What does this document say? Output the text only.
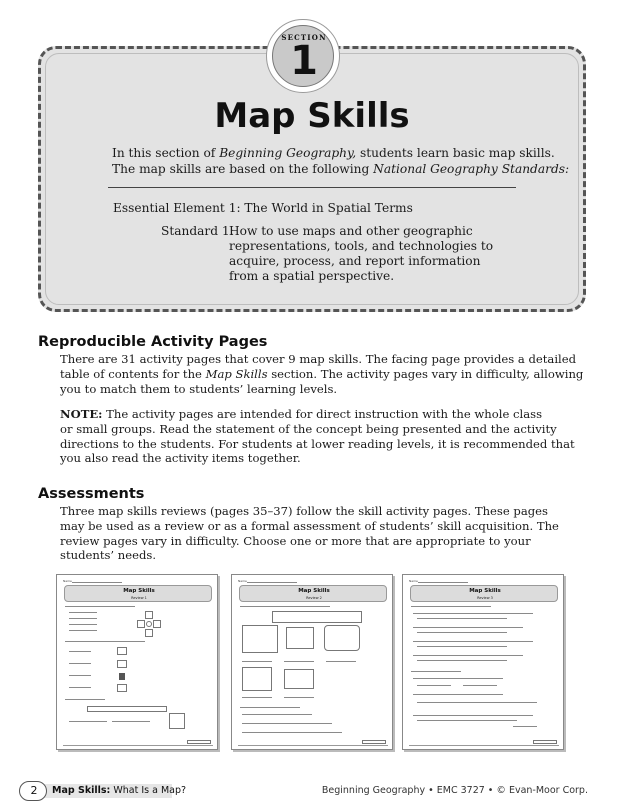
SECTION
1
Map Skills
In this section of Beginning Geography, students learn basic map skills.
The map skills are based on the following National Geography Standards:
Essential Element 1: The World in Spatial Terms
Standard 1:
How to use maps and other geographic
representations, tools, and technologies to
acquire, process, and report information
from a spatial perspective.
Reproducible Activity Pages
There are 31 activity pages that cover 9 map skills. The facing page provides a detailed
table of contents for the Map Skills section. The activity pages vary in difficulty, allowing
you to match them to students’ learning levels.
NOTE: The activity pages are intended for direct instruction with the whole class
or small groups. Read the statement of the concept being presented and the activity
directions to the students. For students at lower reading levels, it is recommended that
you also read the activity items together.
Assessments
Three map skills reviews (pages 35–37) follow the skill activity pages. These pages
may be used as a review or as a formal assessment of students’ skill acquisition. The
review pages vary in difficulty. Choose one or more that are appropriate to your
students’ needs.
Name
Map Skills
Review 1
Name
Map Skills
Review 2
Name
Map Skills
Review 3
2	Map Skills: What Is a Map?	Beginning Geography • EMC 3727 • © Evan-Moor Corp.
